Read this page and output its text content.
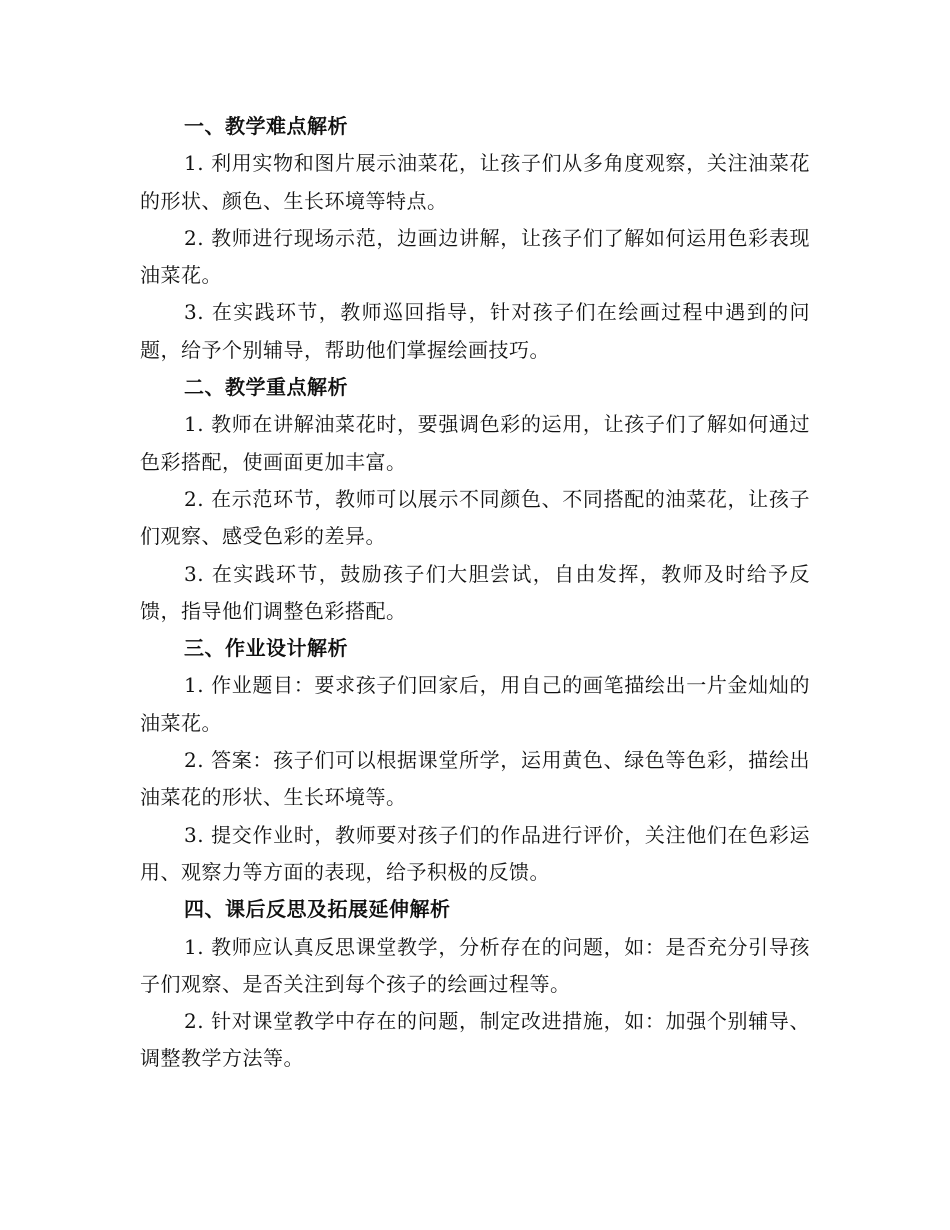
一、教学难点解析

1. 利用实物和图片展示油菜花，让孩子们从多角度观察，关注油菜花的形状、颜色、生长环境等特点。

2. 教师进行现场示范，边画边讲解，让孩子们了解如何运用色彩表现油菜花。

3. 在实践环节，教师巡回指导，针对孩子们在绘画过程中遇到的问题，给予个别辅导，帮助他们掌握绘画技巧。

二、教学重点解析

1. 教师在讲解油菜花时，要强调色彩的运用，让孩子们了解如何通过色彩搭配，使画面更加丰富。

2. 在示范环节，教师可以展示不同颜色、不同搭配的油菜花，让孩子们观察、感受色彩的差异。

3. 在实践环节，鼓励孩子们大胆尝试，自由发挥，教师及时给予反馈，指导他们调整色彩搭配。

三、作业设计解析

1. 作业题目：要求孩子们回家后，用自己的画笔描绘出一片金灿灿的油菜花。

2. 答案：孩子们可以根据课堂所学，运用黄色、绿色等色彩，描绘出油菜花的形状、生长环境等。

3. 提交作业时，教师要对孩子们的作品进行评价，关注他们在色彩运用、观察力等方面的表现，给予积极的反馈。

四、课后反思及拓展延伸解析

1. 教师应认真反思课堂教学，分析存在的问题，如：是否充分引导孩子们观察、是否关注到每个孩子的绘画过程等。

2. 针对课堂教学中存在的问题，制定改进措施，如：加强个别辅导、调整教学方法等。
